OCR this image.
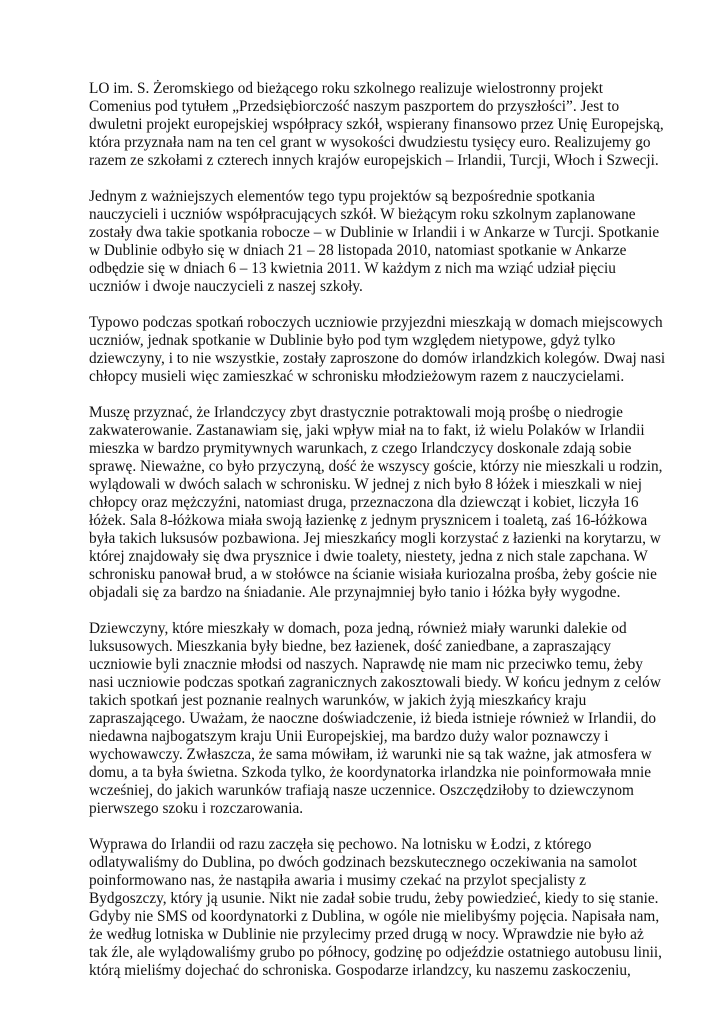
LO im. S. Żeromskiego od bieżącego roku szkolnego realizuje wielostronny projekt
Comenius pod tytułem „Przedsiębiorczość naszym paszportem do przyszłości”. Jest to
dwuletni projekt europejskiej współpracy szkół, wspierany finansowo przez Unię Europejską,
która przyznała nam na ten cel grant w wysokości dwudziestu tysięcy euro. Realizujemy go
razem ze szkołami z czterech innych krajów europejskich – Irlandii, Turcji, Włoch i Szwecji.
Jednym z ważniejszych elementów tego typu projektów są bezpośrednie spotkania
nauczycieli i uczniów współpracujących szkół. W bieżącym roku szkolnym zaplanowane
zostały dwa takie spotkania robocze – w Dublinie w Irlandii i w Ankarze w Turcji. Spotkanie
w Dublinie odbyło się w dniach 21 – 28 listopada 2010, natomiast spotkanie w Ankarze
odbędzie się w dniach 6 – 13 kwietnia 2011. W każdym z nich ma wziąć udział pięciu
uczniów i dwoje nauczycieli z naszej szkoły.
Typowo podczas spotkań roboczych uczniowie przyjezdni mieszkają w domach miejscowych
uczniów, jednak spotkanie w Dublinie było pod tym względem nietypowe, gdyż tylko
dziewczyny, i to nie wszystkie, zostały zaproszone do domów irlandzkich kolegów. Dwaj nasi
chłopcy musieli więc zamieszkać w schronisku młodzieżowym razem z nauczycielami.
Muszę przyznać, że Irlandczycy zbyt drastycznie potraktowali moją prośbę o niedrogie
zakwaterowanie. Zastanawiam się, jaki wpływ miał na to fakt, iż wielu Polaków w Irlandii
mieszka w bardzo prymitywnych warunkach, z czego Irlandczycy doskonale zdają sobie
sprawę. Nieważne, co było przyczyną, dość że wszyscy goście, którzy nie mieszkali u rodzin,
wylądowali w dwóch salach w schronisku. W jednej z nich było 8 łóżek i mieszkali w niej
chłopcy oraz mężczyźni, natomiast druga, przeznaczona dla dziewcząt i kobiet, liczyła 16
łóżek. Sala 8-łóżkowa miała swoją łazienkę z jednym prysznicem i toaletą, zaś 16-łóżkowa
była takich luksusów pozbawiona. Jej mieszkańcy mogli korzystać z łazienki na korytarzu, w
której znajdowały się dwa prysznice i dwie toalety, niestety, jedna z nich stale zapchana. W
schronisku panował brud, a w stołówce na ścianie wisiała kuriozalna prośba, żeby goście nie
objadali się za bardzo na śniadanie. Ale przynajmniej było tanio i łóżka były wygodne.
Dziewczyny, które mieszkały w domach, poza jedną, również miały warunki dalekie od
luksusowych. Mieszkania były biedne, bez łazienek, dość zaniedbane, a zapraszający
uczniowie byli znacznie młodsi od naszych. Naprawdę nie mam nic przeciwko temu, żeby
nasi uczniowie podczas spotkań zagranicznych zakosztowali biedy. W końcu jednym z celów
takich spotkań jest poznanie realnych warunków, w jakich żyją mieszkańcy kraju
zapraszającego. Uważam, że naoczne doświadczenie, iż bieda istnieje również w Irlandii, do
niedawna najbogatszym kraju Unii Europejskiej, ma bardzo duży walor poznawczy i
wychowawczy. Zwłaszcza, że sama mówiłam, iż warunki nie są tak ważne, jak atmosfera w
domu, a ta była świetna. Szkoda tylko, że koordynatorka irlandzka nie poinformowała mnie
wcześniej, do jakich warunków trafiają nasze uczennice. Oszczędziłoby to dziewczynom
pierwszego szoku i rozczarowania.
Wyprawa do Irlandii od razu zaczęła się pechowo. Na lotnisku w Łodzi, z którego
odlatywaliśmy do Dublina, po dwóch godzinach bezskutecznego oczekiwania na samolot
poinformowano nas, że nastąpiła awaria i musimy czekać na przylot specjalisty z
Bydgoszczy, który ją usunie. Nikt nie zadał sobie trudu, żeby powiedzieć, kiedy to się stanie.
Gdyby nie SMS od koordynatorki z Dublina, w ogóle nie mielibyśmy pojęcia. Napisała nam,
że według lotniska w Dublinie nie przylecimy przed drugą w nocy. Wprawdzie nie było aż
tak źle, ale wylądowaliśmy grubo po północy, godzinę po odjeździe ostatniego autobusu linii,
którą mieliśmy dojechać do schroniska. Gospodarze irlandzcy, ku naszemu zaskoczeniu,
